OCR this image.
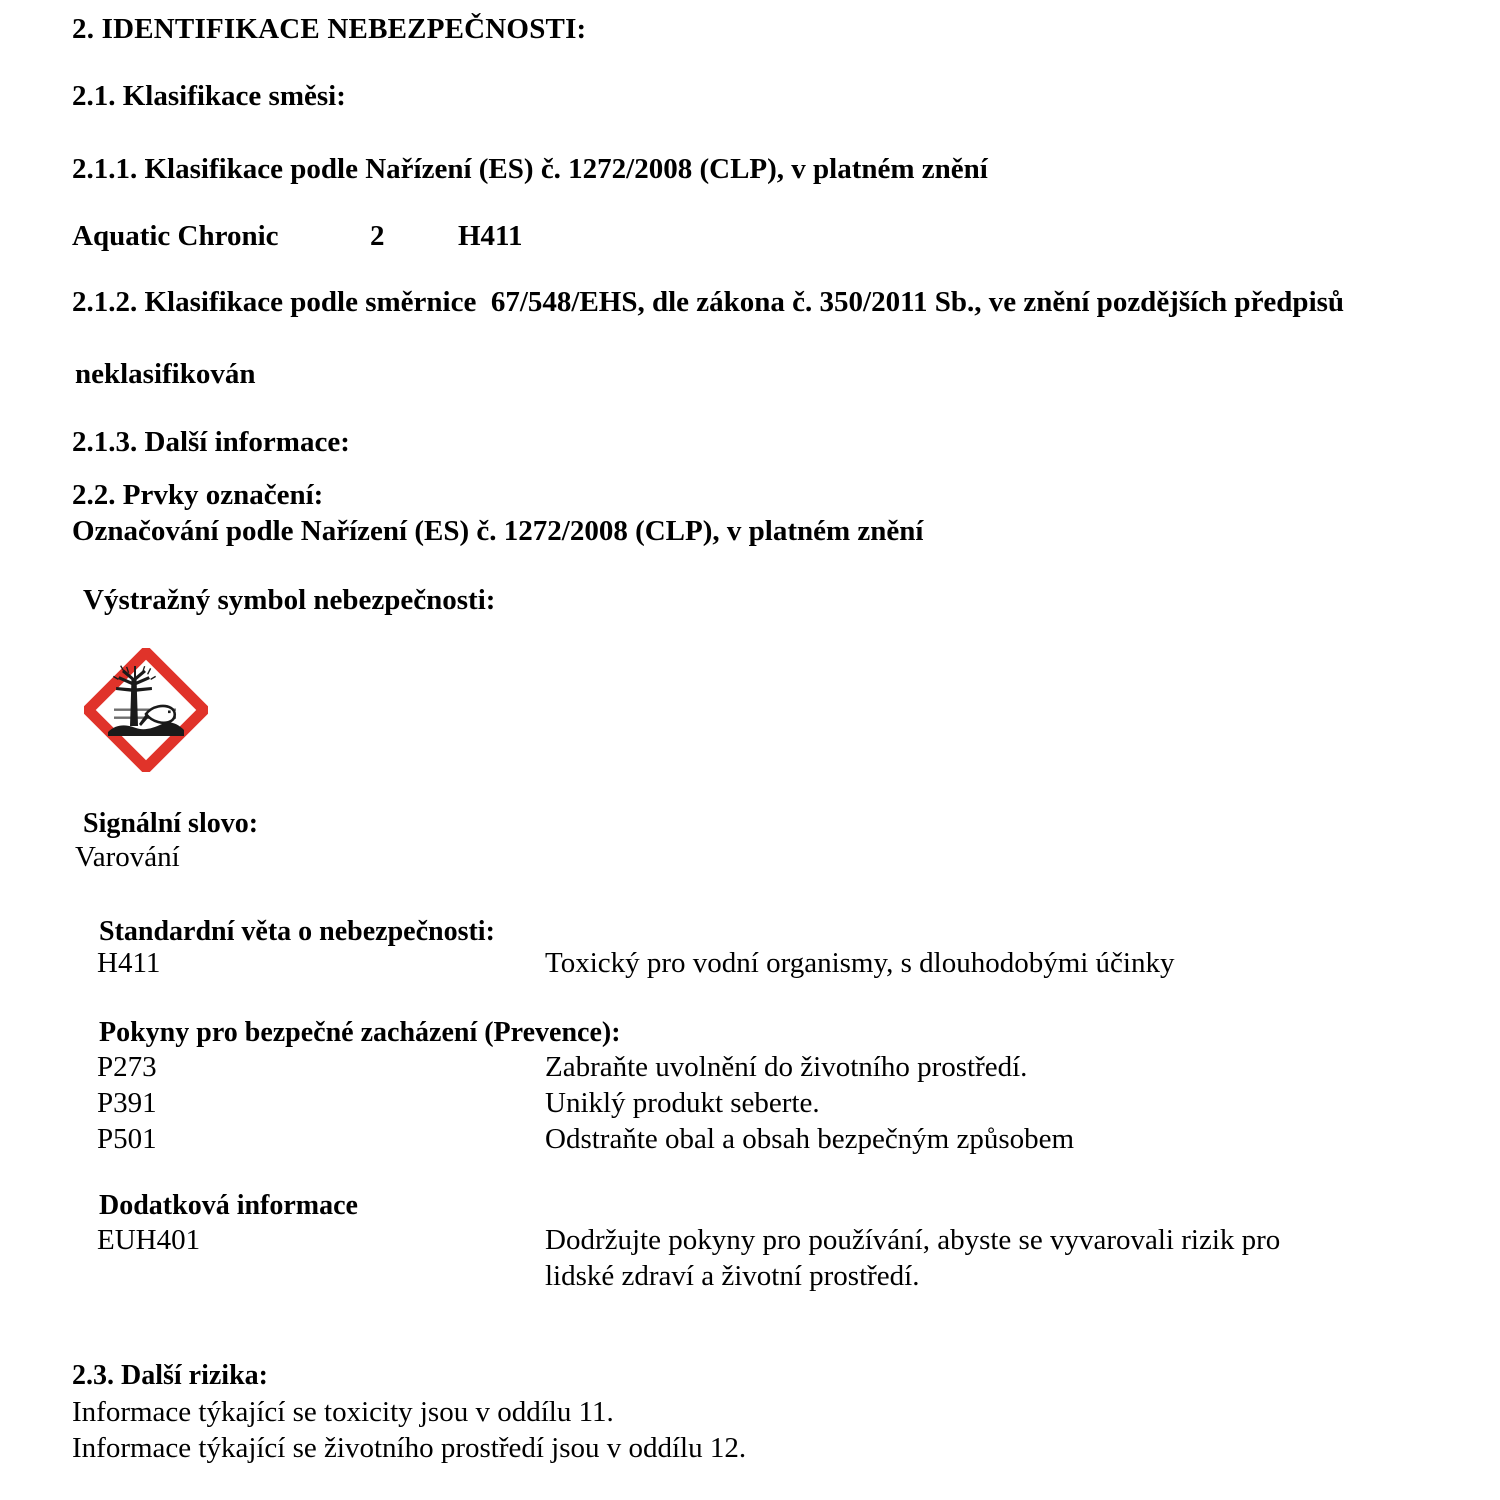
2. IDENTIFIKACE NEBEZPEČNOSTI:
2.1. Klasifikace směsi:
2.1.1. Klasifikace podle Nařízení (ES) č. 1272/2008 (CLP), v platném znění
Aquatic Chronic	2	H411
2.1.2. Klasifikace podle směrnice  67/548/EHS, dle zákona č. 350/2011 Sb., ve znění pozdějších předpisů
neklasifikován
2.1.3. Další informace:
2.2. Prvky označení:
Označování podle Nařízení (ES) č. 1272/2008 (CLP), v platném znění
Výstražný symbol nebezpečnosti:
Signální slovo:
Varování
Standardní věta o nebezpečnosti:
H411	Toxický pro vodní organismy, s dlouhodobými účinky
Pokyny pro bezpečné zacházení (Prevence):
P273	Zabraňte uvolnění do životního prostředí.
P391	Uniklý produkt seberte.
P501	Odstraňte obal a obsah bezpečným způsobem
Dodatková informace
EUH401	Dodržujte pokyny pro používání, abyste se vyvarovali rizik pro
lidské zdraví a životní prostředí.
2.3. Další rizika:
Informace týkající se toxicity jsou v oddílu 11.
Informace týkající se životního prostředí jsou v oddílu 12.
